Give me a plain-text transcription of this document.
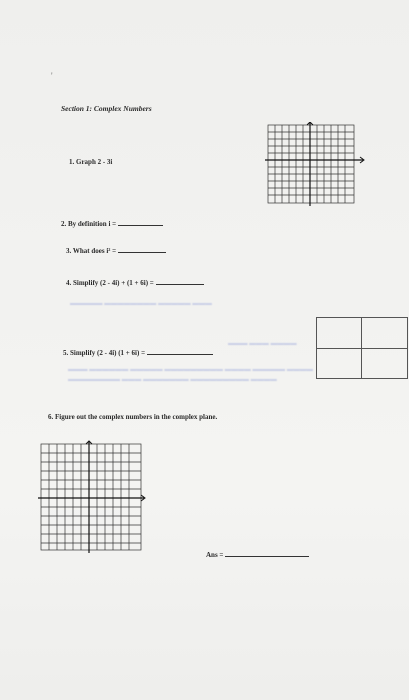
'
Section 1: Complex Numbers
1. Graph 2 - 3i
2. By definition i =
3. What does i² =
4. Simplify (2 - 4i) + (1 + 6i) =
▬▬▬▬▬ ▬▬▬▬▬▬▬▬ ▬▬▬▬▬ ▬▬▬
5. Simplify (2 - 4i) (1 + 6i) =
▬▬▬ ▬▬▬ ▬▬▬▬
▬▬▬ ▬▬▬▬▬▬ ▬▬▬▬▬ ▬▬▬▬▬▬▬▬▬ ▬▬▬▬ ▬▬▬▬▬ ▬▬▬▬
▬▬▬▬▬▬▬▬ ▬▬▬ ▬▬▬▬▬▬▬ ▬▬▬▬▬▬▬▬▬ ▬▬▬▬
6. Figure out the complex numbers in the complex plane.
Ans =
